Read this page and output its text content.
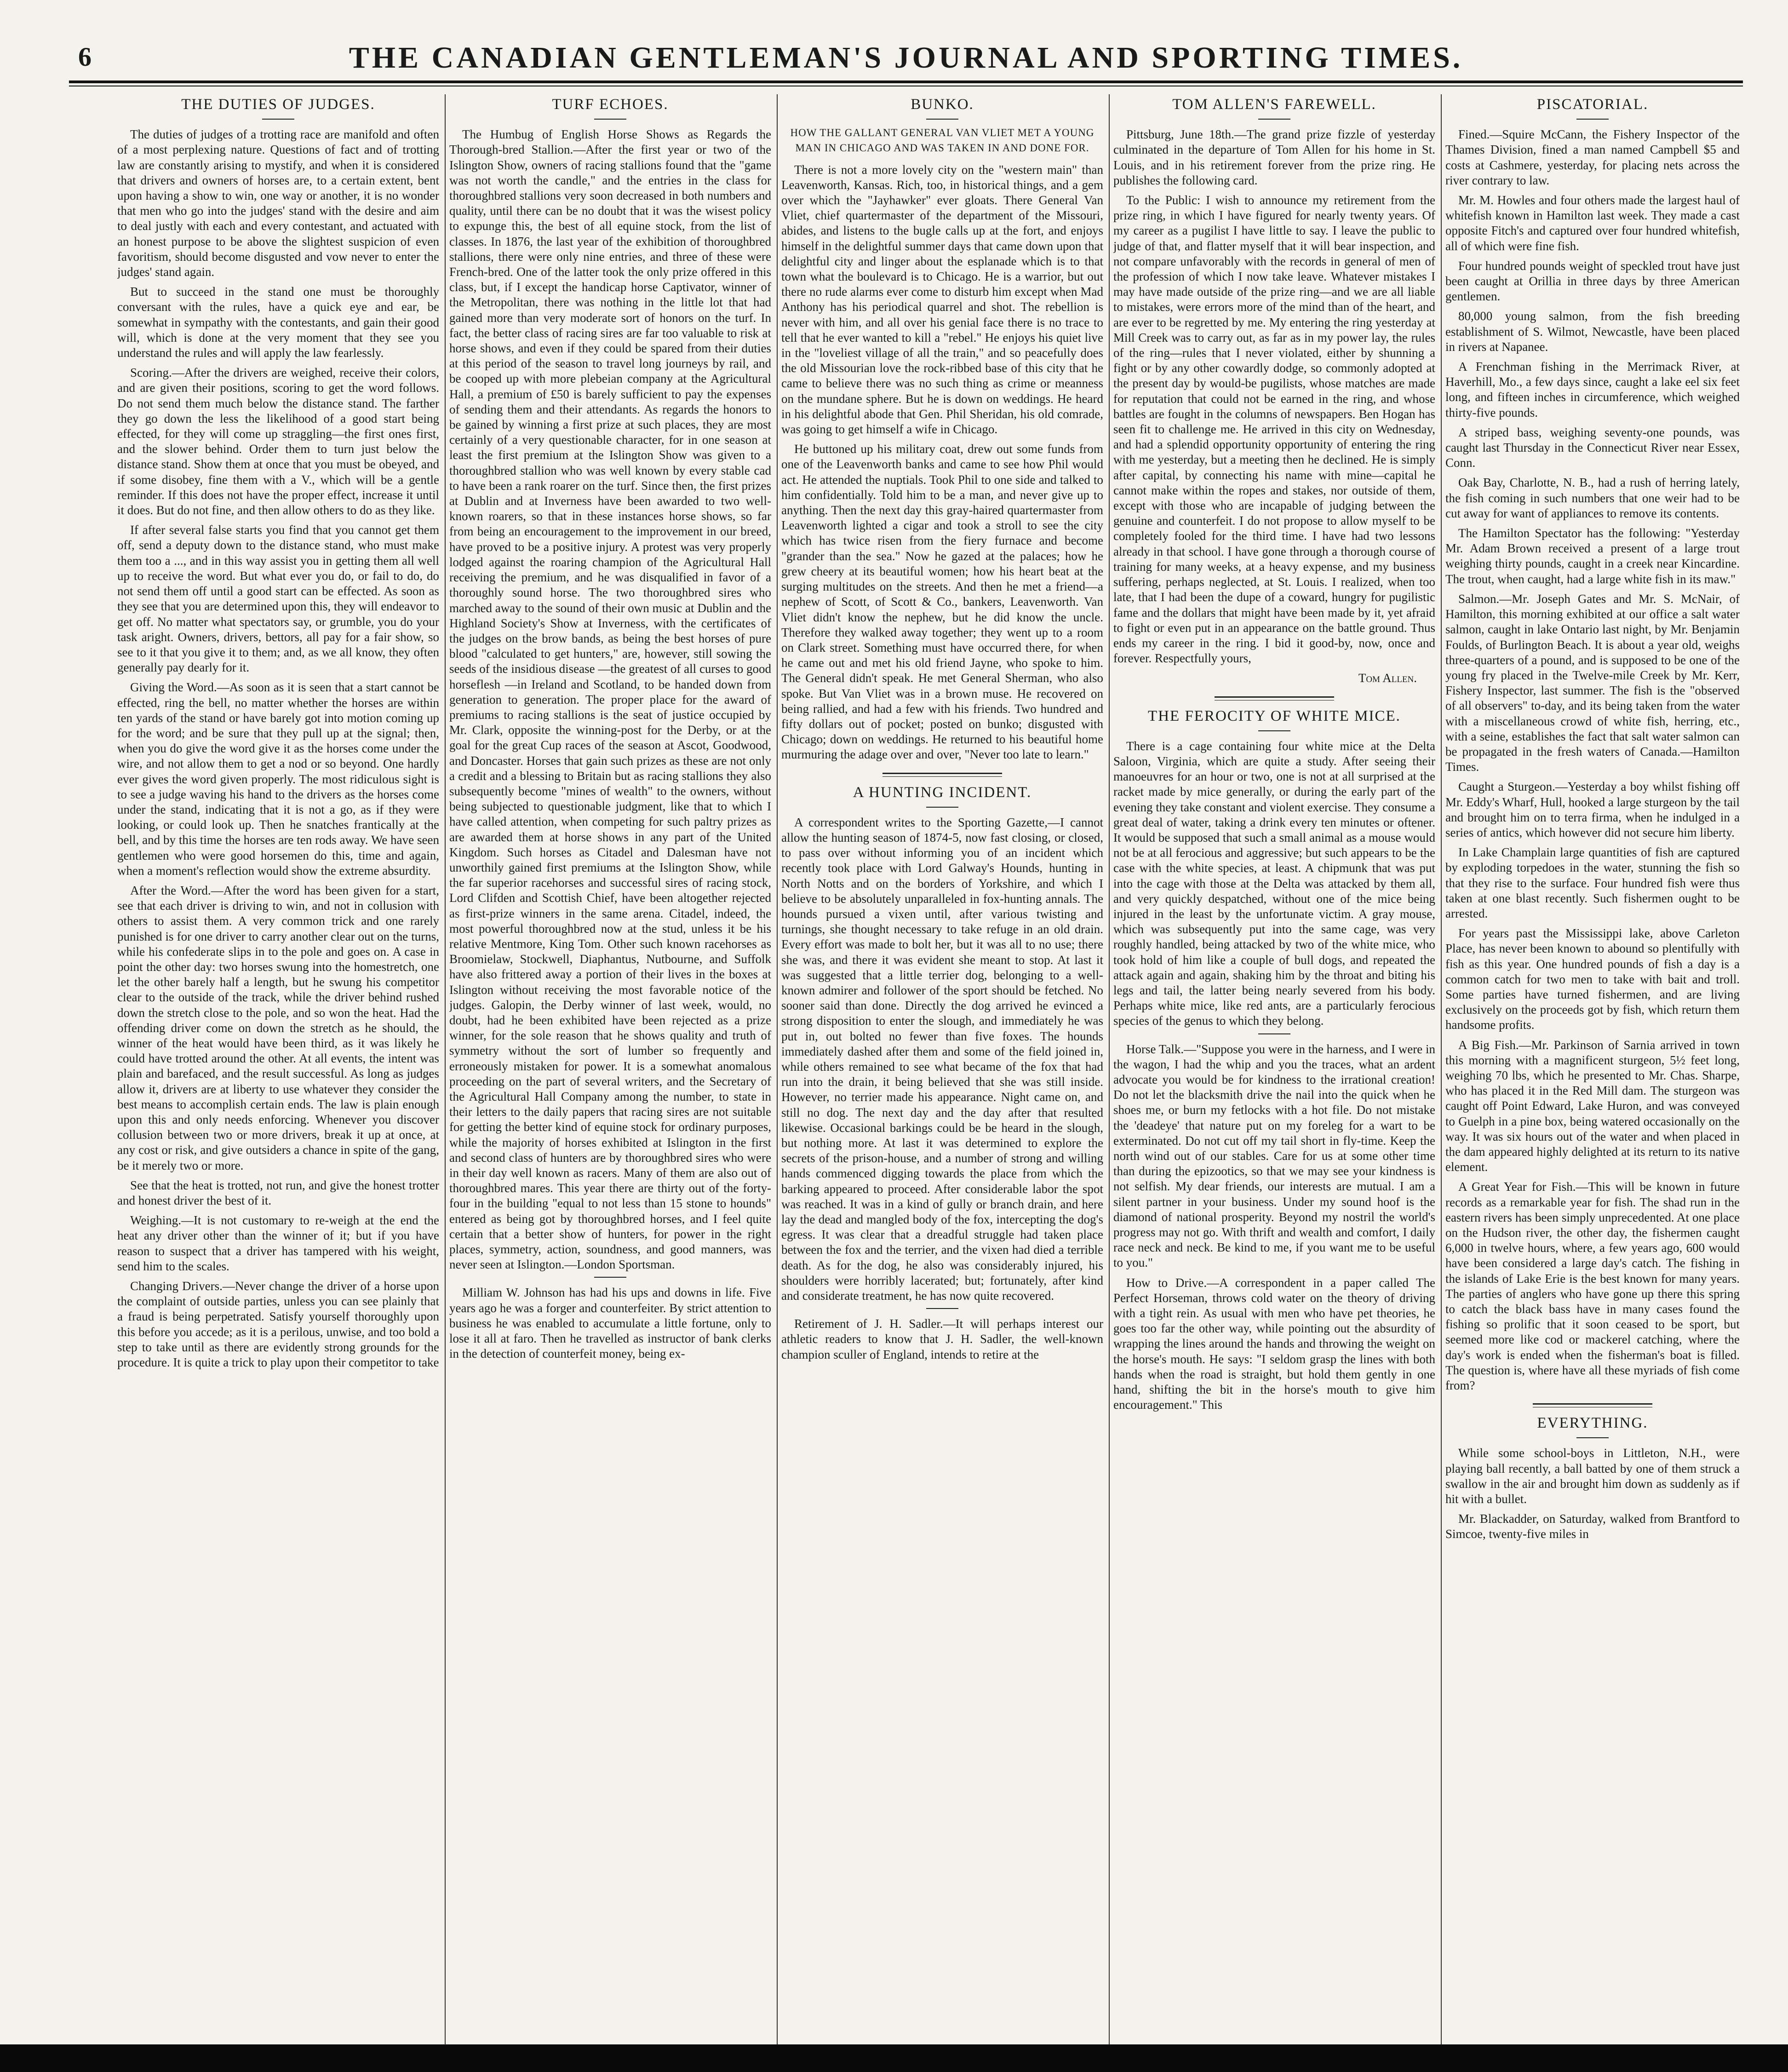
6	THE CANADIAN GENTLEMAN'S JOURNAL AND SPORTING TIMES.
THE DUTIES OF JUDGES.

The duties of judges of a trotting race are manifold and often of a most perplexing nature. Questions of fact and of trotting law are constantly arising to mystify, and when it is considered that drivers and owners of horses are, to a certain extent, bent upon having a show to win, one way or another, it is no wonder that men who go into the judges' stand with the desire and aim to deal justly with each and every contestant, and actuated with an honest purpose to be above the slightest suspicion of even favoritism, should become disgusted and vow never to enter the judges' stand again.

But to succeed in the stand one must be thoroughly conversant with the rules, have a quick eye and ear, be somewhat in sympathy with the contestants, and gain their good will, which is done at the very moment that they see you understand the rules and will apply the law fearlessly.

Scoring.—After the drivers are weighed, receive their colors, and are given their positions, scoring to get the word follows. Do not send them much below the distance stand. The farther they go down the less the likelihood of a good start being effected, for they will come up straggling—the first ones first, and the slower behind. Order them to turn just below the distance stand. Show them at once that you must be obeyed, and if some disobey, fine them with a V., which will be a gentle reminder. If this does not have the proper effect, increase it until it does. But do not fine, and then allow others to do as they like.

If after several false starts you find that you cannot get them off, send a deputy down to the distance stand, who must make them too a ..., and in this way assist you in getting them all well up to receive the word. But what ever you do, or fail to do, do not send them off until a good start can be effected. As soon as they see that you are determined upon this, they will endeavor to get off. No matter what spectators say, or grumble, you do your task aright. Owners, drivers, bettors, all pay for a fair show, so see to it that you give it to them; and, as we all know, they often generally pay dearly for it.

Giving the Word.—As soon as it is seen that a start cannot be effected, ring the bell, no matter whether the horses are within ten yards of the stand or have barely got into motion coming up for the word; and be sure that they pull up at the signal; then, when you do give the word give it as the horses come under the wire, and not allow them to get a nod or so beyond. One hardly ever gives the word given properly. The most ridiculous sight is to see a judge waving his hand to the drivers as the horses come under the stand, indicating that it is not a go, as if they were looking, or could look up. Then he snatches frantically at the bell, and by this time the horses are ten rods away. We have seen gentlemen who were good horsemen do this, time and again, when a moment's reflection would show the extreme absurdity.

After the Word.—After the word has been given for a start, see that each driver is driving to win, and not in collusion with others to assist them. A very common trick and one rarely punished is for one driver to carry another clear out on the turns, while his confederate slips in to the pole and goes on. A case in point the other day: two horses swung into the homestretch, one let the other barely half a length, but he swung his competitor clear to the outside of the track, while the driver behind rushed down the stretch close to the pole, and so won the heat. Had the offending driver come on down the stretch as he should, the winner of the heat would have been third, as it was likely he could have trotted around the other. At all events, the intent was plain and barefaced, and the result successful. As long as judges allow it, drivers are at liberty to use whatever they consider the best means to accomplish certain ends. The law is plain enough upon this and only needs enforcing. Whenever you discover collusion between two or more drivers, break it up at once, at any cost or risk, and give outsiders a chance in spite of the gang, be it merely two or more.

See that the heat is trotted, not run, and give the honest trotter and honest driver the best of it.

Weighing.—It is not customary to re-weigh at the end the heat any driver other than the winner of it; but if you have reason to suspect that a driver has tampered with his weight, send him to the scales.

Changing Drivers.—Never change the driver of a horse upon the complaint of outside parties, unless you can see plainly that a fraud is being perpetrated. Satisfy yourself thoroughly upon this before you accede; as it is a perilous, unwise, and too bold a step to take until as there are evidently strong grounds for the procedure. It is quite a trick to play upon their competitor to take

TURF ECHOES.

The Humbug of English Horse Shows as Regards the Thorough-bred Stallion.—After the first year or two of the Islington Show, owners of racing stallions found that the "game was not worth the candle," and the entries in the class for thoroughbred stallions very soon decreased in both numbers and quality, until there can be no doubt that it was the wisest policy to expunge this, the best of all equine stock, from the list of classes. In 1876, the last year of the exhibition of thoroughbred stallions, there were only nine entries, and three of these were French-bred. One of the latter took the only prize offered in this class, but, if I except the handicap horse Captivator, winner of the Metropolitan, there was nothing in the little lot that had gained more than very moderate sort of honors on the turf. In fact, the better class of racing sires are far too valuable to risk at horse shows, and even if they could be spared from their duties at this period of the season to travel long journeys by rail, and be cooped up with more plebeian company at the Agricultural Hall, a premium of £50 is barely sufficient to pay the expenses of sending them and their attendants. As regards the honors to be gained by winning a first prize at such places, they are most certainly of a very questionable character, for in one season at least the first premium at the Islington Show was given to a thoroughbred stallion who was well known by every stable cad to have been a rank roarer on the turf. Since then, the first prizes at Dublin and at Inverness have been awarded to two well-known roarers, so that in these instances horse shows, so far from being an encouragement to the improvement in our breed, have proved to be a positive injury. A protest was very properly lodged against the roaring champion of the Agricultural Hall receiving the premium, and he was disqualified in favor of a thoroughly sound horse. The two thoroughbred sires who marched away to the sound of their own music at Dublin and the Highland Society's Show at Inverness, with the certificates of the judges on the brow bands, as being the best horses of pure blood "calculated to get hunters," are, however, still sowing the seeds of the insidious disease —the greatest of all curses to good horseflesh —in Ireland and Scotland, to be handed down from generation to generation. The proper place for the award of premiums to racing stallions is the seat of justice occupied by Mr. Clark, opposite the winning-post for the Derby, or at the goal for the great Cup races of the season at Ascot, Goodwood, and Doncaster. Horses that gain such prizes as these are not only a credit and a blessing to Britain but as racing stallions they also subsequently become "mines of wealth" to the owners, without being subjected to questionable judgment, like that to which I have called attention, when competing for such paltry prizes as are awarded them at horse shows in any part of the United Kingdom. Such horses as Citadel and Dalesman have not unworthily gained first premiums at the Islington Show, while the far superior racehorses and successful sires of racing stock, Lord Clifden and Scottish Chief, have been altogether rejected as first-prize winners in the same arena. Citadel, indeed, the most powerful thoroughbred now at the stud, unless it be his relative Mentmore, King Tom. Other such known racehorses as Broomielaw, Stockwell, Diaphantus, Nutbourne, and Suffolk have also frittered away a portion of their lives in the boxes at Islington without receiving the most favorable notice of the judges. Galopin, the Derby winner of last week, would, no doubt, had he been exhibited have been rejected as a prize winner, for the sole reason that he shows quality and truth of symmetry without the sort of lumber so frequently and erroneously mistaken for power. It is a somewhat anomalous proceeding on the part of several writers, and the Secretary of the Agricultural Hall Company among the number, to state in their letters to the daily papers that racing sires are not suitable for getting the better kind of equine stock for ordinary purposes, while the majority of horses exhibited at Islington in the first and second class of hunters are by thoroughbred sires who were in their day well known as racers. Many of them are also out of thoroughbred mares. This year there are thirty out of the forty-four in the building "equal to not less than 15 stone to hounds" entered as being got by thoroughbred horses, and I feel quite certain that a better show of hunters, for power in the right places, symmetry, action, soundness, and good manners, was never seen at Islington.—London Sportsman.

Milliam W. Johnson has had his ups and downs in life. Five years ago he was a forger and counterfeiter. By strict attention to business he was enabled to accumulate a little fortune, only to lose it all at faro. Then he travelled as instructor of bank clerks in the detection of counterfeit money, being ex-

BUNKO.
HOW THE GALLANT GENERAL VAN VLIET MET A YOUNG MAN IN CHICAGO AND WAS TAKEN IN AND DONE FOR.

There is not a more lovely city on the "western main" than Leavenworth, Kansas. Rich, too, in historical things, and a gem over which the "Jayhawker" ever gloats. There General Van Vliet, chief quartermaster of the department of the Missouri, abides, and listens to the bugle calls up at the fort, and enjoys himself in the delightful summer days that came down upon that delightful city and linger about the esplanade which is to that town what the boulevard is to Chicago. He is a warrior, but out there no rude alarms ever come to disturb him except when Mad Anthony has his periodical quarrel and shot. The rebellion is never with him, and all over his genial face there is no trace to tell that he ever wanted to kill a "rebel." He enjoys his quiet live in the "loveliest village of all the train," and so peacefully does the old Missourian love the rock-ribbed base of this city that he came to believe there was no such thing as crime or meanness on the mundane sphere. But he is down on weddings. He heard in his delightful abode that Gen. Phil Sheridan, his old comrade, was going to get himself a wife in Chicago.

He buttoned up his military coat, drew out some funds from one of the Leavenworth banks and came to see how Phil would act. He attended the nuptials. Took Phil to one side and talked to him confidentially. Told him to be a man, and never give up to anything. Then the next day this gray-haired quartermaster from Leavenworth lighted a cigar and took a stroll to see the city which has twice risen from the fiery furnace and become "grander than the sea." Now he gazed at the palaces; how he grew cheery at its beautiful women; how his heart beat at the surging multitudes on the streets. And then he met a friend—a nephew of Scott, of Scott & Co., bankers, Leavenworth. Van Vliet didn't know the nephew, but he did know the uncle. Therefore they walked away together; they went up to a room on Clark street. Something must have occurred there, for when he came out and met his old friend Jayne, who spoke to him. The General didn't speak. He met General Sherman, who also spoke. But Van Vliet was in a brown muse. He recovered on being rallied, and had a few with his friends. Two hundred and fifty dollars out of pocket; posted on bunko; disgusted with Chicago; down on weddings. He returned to his beautiful home murmuring the adage over and over, "Never too late to learn."

A HUNTING INCIDENT.

A correspondent writes to the Sporting Gazette,—I cannot allow the hunting season of 1874-5, now fast closing, or closed, to pass over without informing you of an incident which recently took place with Lord Galway's Hounds, hunting in North Notts and on the borders of Yorkshire, and which I believe to be absolutely unparalleled in fox-hunting annals. The hounds pursued a vixen until, after various twisting and turnings, she thought necessary to take refuge in an old drain. Every effort was made to bolt her, but it was all to no use; there she was, and there it was evident she meant to stop. At last it was suggested that a little terrier dog, belonging to a well-known admirer and follower of the sport should be fetched. No sooner said than done. Directly the dog arrived he evinced a strong disposition to enter the slough, and immediately he was put in, out bolted no fewer than five foxes. The hounds immediately dashed after them and some of the field joined in, while others remained to see what became of the fox that had run into the drain, it being believed that she was still inside. However, no terrier made his appearance. Night came on, and still no dog. The next day and the day after that resulted likewise. Occasional barkings could be be heard in the slough, but nothing more. At last it was determined to explore the secrets of the prison-house, and a number of strong and willing hands commenced digging towards the place from which the barking appeared to proceed. After considerable labor the spot was reached. It was in a kind of gully or branch drain, and here lay the dead and mangled body of the fox, intercepting the dog's egress. It was clear that a dreadful struggle had taken place between the fox and the terrier, and the vixen had died a terrible death. As for the dog, he also was considerably injured, his shoulders were horribly lacerated; but; fortunately, after kind and considerate treatment, he has now quite recovered.

Retirement of J. H. Sadler.—It will perhaps interest our athletic readers to know that J. H. Sadler, the well-known champion sculler of England, intends to retire at the

TOM ALLEN'S FAREWELL.

Pittsburg, June 18th.—The grand prize fizzle of yesterday culminated in the departure of Tom Allen for his home in St. Louis, and in his retirement forever from the prize ring. He publishes the following card.

To the Public: I wish to announce my retirement from the prize ring, in which I have figured for nearly twenty years. Of my career as a pugilist I have little to say. I leave the public to judge of that, and flatter myself that it will bear inspection, and not compare unfavorably with the records in general of men of the profession of which I now take leave. Whatever mistakes I may have made outside of the prize ring—and we are all liable to mistakes, were errors more of the mind than of the heart, and are ever to be regretted by me. My entering the ring yesterday at Mill Creek was to carry out, as far as in my power lay, the rules of the ring—rules that I never violated, either by shunning a fight or by any other cowardly dodge, so commonly adopted at the present day by would-be pugilists, whose matches are made for reputation that could not be earned in the ring, and whose battles are fought in the columns of newspapers. Ben Hogan has seen fit to challenge me. He arrived in this city on Wednesday, and had a splendid opportunity opportunity of entering the ring with me yesterday, but a meeting then he declined. He is simply after capital, by connecting his name with mine—capital he cannot make within the ropes and stakes, nor outside of them, except with those who are incapable of judging between the genuine and counterfeit. I do not propose to allow myself to be completely fooled for the third time. I have had two lessons already in that school. I have gone through a thorough course of training for many weeks, at a heavy expense, and my business suffering, perhaps neglected, at St. Louis. I realized, when too late, that I had been the dupe of a coward, hungry for pugilistic fame and the dollars that might have been made by it, yet afraid to fight or even put in an appearance on the battle ground. Thus ends my career in the ring. I bid it good-by, now, once and forever. Respectfully yours,

Tom Allen.
THE FEROCITY OF WHITE MICE.

There is a cage containing four white mice at the Delta Saloon, Virginia, which are quite a study. After seeing their manoeuvres for an hour or two, one is not at all surprised at the racket made by mice generally, or during the early part of the evening they take constant and violent exercise. They consume a great deal of water, taking a drink every ten minutes or oftener. It would be supposed that such a small animal as a mouse would not be at all ferocious and aggressive; but such appears to be the case with the white species, at least. A chipmunk that was put into the cage with those at the Delta was attacked by them all, and very quickly despatched, without one of the mice being injured in the least by the unfortunate victim. A gray mouse, which was subsequently put into the same cage, was very roughly handled, being attacked by two of the white mice, who took hold of him like a couple of bull dogs, and repeated the attack again and again, shaking him by the throat and biting his legs and tail, the latter being nearly severed from his body. Perhaps white mice, like red ants, are a particularly ferocious species of the genus to which they belong.

Horse Talk.—"Suppose you were in the harness, and I were in the wagon, I had the whip and you the traces, what an ardent advocate you would be for kindness to the irrational creation! Do not let the blacksmith drive the nail into the quick when he shoes me, or burn my fetlocks with a hot file. Do not mistake the 'deadeye' that nature put on my foreleg for a wart to be exterminated. Do not cut off my tail short in fly-time. Keep the north wind out of our stables. Care for us at some other time than during the epizootics, so that we may see your kindness is not selfish. My dear friends, our interests are mutual. I am a silent partner in your business. Under my sound hoof is the diamond of national prosperity. Beyond my nostril the world's progress may not go. With thrift and wealth and comfort, I daily race neck and neck. Be kind to me, if you want me to be useful to you."

How to Drive.—A correspondent in a paper called The Perfect Horseman, throws cold water on the theory of driving with a tight rein. As usual with men who have pet theories, he goes too far the other way, while pointing out the absurdity of wrapping the lines around the hands and throwing the weight on the horse's mouth. He says: "I seldom grasp the lines with both hands when the road is straight, but hold them gently in one hand, shifting the bit in the horse's mouth to give him encouragement." This

PISCATORIAL.

Fined.—Squire McCann, the Fishery Inspector of the Thames Division, fined a man named Campbell $5 and costs at Cashmere, yesterday, for placing nets across the river contrary to law.

Mr. M. Howles and four others made the largest haul of whitefish known in Hamilton last week. They made a cast opposite Fitch's and captured over four hundred whitefish, all of which were fine fish.

Four hundred pounds weight of speckled trout have just been caught at Orillia in three days by three American gentlemen.

80,000 young salmon, from the fish breeding establishment of S. Wilmot, Newcastle, have been placed in rivers at Napanee.

A Frenchman fishing in the Merrimack River, at Haverhill, Mo., a few days since, caught a lake eel six feet long, and fifteen inches in circumference, which weighed thirty-five pounds.

A striped bass, weighing seventy-one pounds, was caught last Thursday in the Connecticut River near Essex, Conn.

Oak Bay, Charlotte, N. B., had a rush of herring lately, the fish coming in such numbers that one weir had to be cut away for want of appliances to remove its contents.

The Hamilton Spectator has the following: "Yesterday Mr. Adam Brown received a present of a large trout weighing thirty pounds, caught in a creek near Kincardine. The trout, when caught, had a large white fish in its maw."

Salmon.—Mr. Joseph Gates and Mr. S. McNair, of Hamilton, this morning exhibited at our office a salt water salmon, caught in lake Ontario last night, by Mr. Benjamin Foulds, of Burlington Beach. It is about a year old, weighs three-quarters of a pound, and is supposed to be one of the young fry placed in the Twelve-mile Creek by Mr. Kerr, Fishery Inspector, last summer. The fish is the "observed of all observers" to-day, and its being taken from the water with a miscellaneous crowd of white fish, herring, etc., with a seine, establishes the fact that salt water salmon can be propagated in the fresh waters of Canada.—Hamilton Times.

Caught a Sturgeon.—Yesterday a boy whilst fishing off Mr. Eddy's Wharf, Hull, hooked a large sturgeon by the tail and brought him on to terra firma, when he indulged in a series of antics, which however did not secure him liberty.

In Lake Champlain large quantities of fish are captured by exploding torpedoes in the water, stunning the fish so that they rise to the surface. Four hundred fish were thus taken at one blast recently. Such fishermen ought to be arrested.

For years past the Mississippi lake, above Carleton Place, has never been known to abound so plentifully with fish as this year. One hundred pounds of fish a day is a common catch for two men to take with bait and troll. Some parties have turned fishermen, and are living exclusively on the proceeds got by fish, which return them handsome profits.

A Big Fish.—Mr. Parkinson of Sarnia arrived in town this morning with a magnificent sturgeon, 5½ feet long, weighing 70 lbs, which he presented to Mr. Chas. Sharpe, who has placed it in the Red Mill dam. The sturgeon was caught off Point Edward, Lake Huron, and was conveyed to Guelph in a pine box, being watered occasionally on the way. It was six hours out of the water and when placed in the dam appeared highly delighted at its return to its native element.

A Great Year for Fish.—This will be known in future records as a remarkable year for fish. The shad run in the eastern rivers has been simply unprecedented. At one place on the Hudson river, the other day, the fishermen caught 6,000 in twelve hours, where, a few years ago, 600 would have been considered a large day's catch. The fishing in the islands of Lake Erie is the best known for many years. The parties of anglers who have gone up there this spring to catch the black bass have in many cases found the fishing so prolific that it soon ceased to be sport, but seemed more like cod or mackerel catching, where the day's work is ended when the fisherman's boat is filled. The question is, where have all these myriads of fish come from?

EVERYTHING.

While some school-boys in Littleton, N.H., were playing ball recently, a ball batted by one of them struck a swallow in the air and brought him down as suddenly as if hit with a bullet.

Mr. Blackadder, on Saturday, walked from Brantford to Simcoe, twenty-five miles in
